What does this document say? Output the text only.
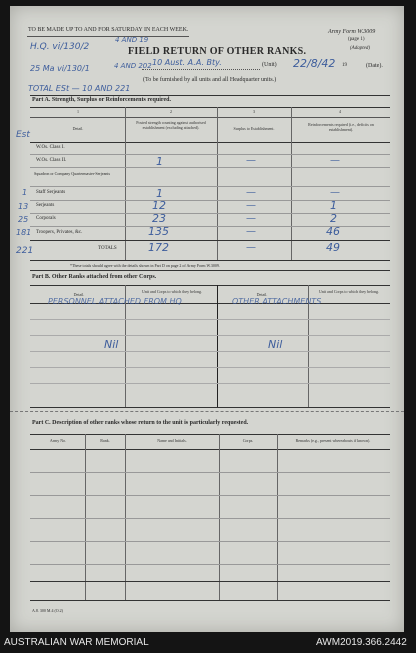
TO BE MADE UP TO AND FOR SATURDAY IN EACH WEEK.	Army Form W.3009
(page 1)
(Adapted)
H.Q. vi/130/2
4 AND 19
FIELD RETURN OF OTHER RANKS.
25 Ma vi/130/1	4 AND 202 10 Aust. A.A. Bty.	(Unit) 22/8/42 19	(Date).
(To be furnished by all units and all Headquarter units.)
TOTAL ESt — 10 AND 221
Part A. Strength, Surplus or Reinforcements required.
1	2	3	4
Detail.
Posted strength counting against authorised establishment (excluding attached).	Surplus to Establishment.
Reinforcements required (i.e., deficits on establishment).
W.Os. Class I.
W.Os. Class II.	1	—	—
Squadron or Company Quartermaster-Serjeants
Staff Serjeants	1	—	—
Serjeants	12	—	1
Corporals	23	—	2
Troopers, Privates, &c.	135	—	46
TOTALS	172	—	49
*These totals should agree with the details shown in Part D on page 2 of Army Form W.3009.
Est
1
13
25
181
221
Part B. Other Ranks attached from other Corps.
Detail.
Unit and Corps to which they belong.
Detail.
Unit and Corps to which they belong.
PERSONNEL ATTACHED FROM HQ	OTHER ATTACHMENTS
Nil	Nil
Part C. Description of other ranks whose return to the unit is particularly requested.
Army No.	Rank.	Name and Initials.	Corps.	Remarks (e.g., present whereabouts if known).
A.8. 300 M.4 (O.2)
AUSTRALIAN WAR MEMORIAL	AWM2019.366.2442
